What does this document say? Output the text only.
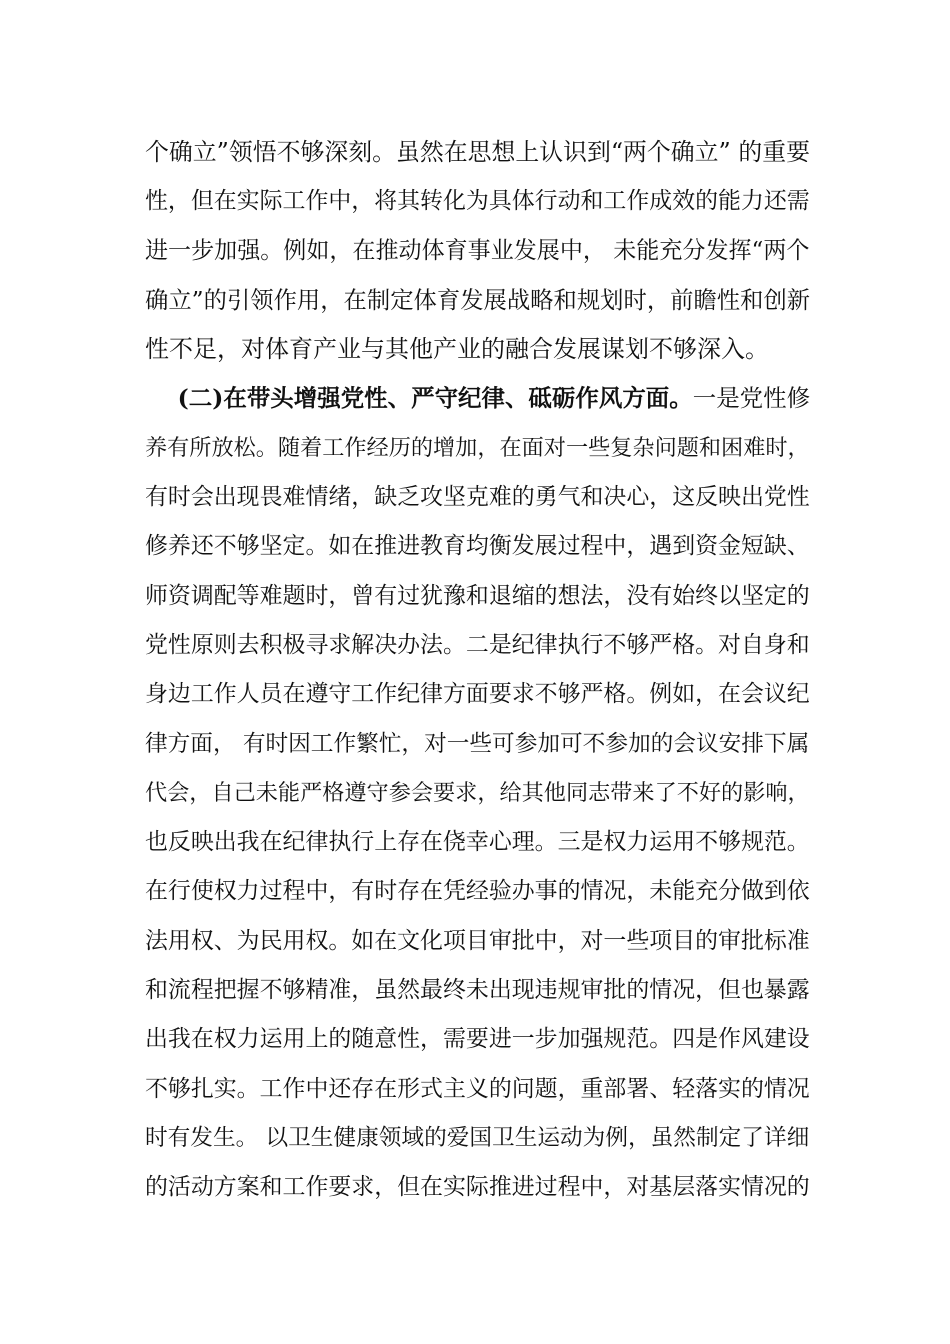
个确立”领悟不够深刻。虽然在思想上认识到“两个确立” 的重要
性，但在实际工作中，将其转化为具体行动和工作成效的能力还需
进一步加强。例如，在推动体育事业发展中， 未能充分发挥“两个
确立”的引领作用，在制定体育发展战略和规划时，前瞻性和创新
性不足，对体育产业与其他产业的融合发展谋划不够深入。
(二)在带头增强党性、严守纪律、砥砺作风方面。一是党性修
养有所放松。随着工作经历的增加，在面对一些复杂问题和困难时，
有时会出现畏难情绪，缺乏攻坚克难的勇气和决心，这反映出党性
修养还不够坚定。如在推进教育均衡发展过程中，遇到资金短缺、
师资调配等难题时，曾有过犹豫和退缩的想法，没有始终以坚定的
党性原则去积极寻求解决办法。二是纪律执行不够严格。对自身和
身边工作人员在遵守工作纪律方面要求不够严格。例如，在会议纪
律方面， 有时因工作繁忙，对一些可参加可不参加的会议安排下属
代会，自己未能严格遵守参会要求，给其他同志带来了不好的影响，
也反映出我在纪律执行上存在侥幸心理。三是权力运用不够规范。
在行使权力过程中，有时存在凭经验办事的情况，未能充分做到依
法用权、为民用权。如在文化项目审批中，对一些项目的审批标准
和流程把握不够精准，虽然最终未出现违规审批的情况，但也暴露
出我在权力运用上的随意性，需要进一步加强规范。四是作风建设
不够扎实。工作中还存在形式主义的问题，重部署、轻落实的情况
时有发生。 以卫生健康领域的爱国卫生运动为例，虽然制定了详细
的活动方案和工作要求，但在实际推进过程中，对基层落实情况的
